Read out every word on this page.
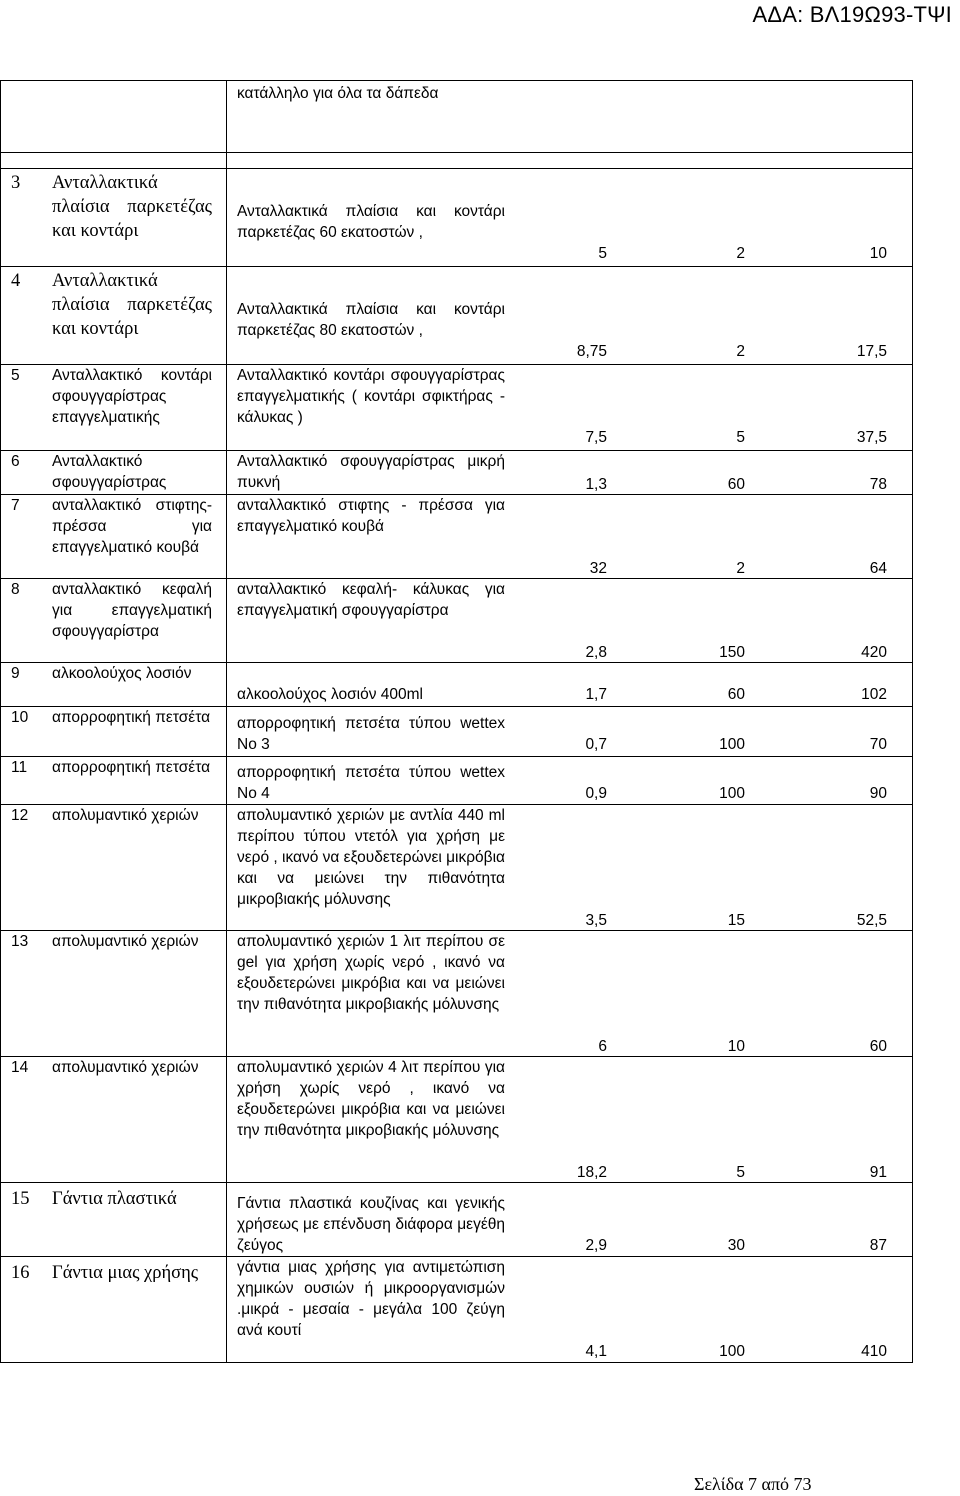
ΑΔΑ: ΒΛ19Ω93-ΤΨΙ

	κατάλληλο για όλα τα δάπεδα

3 Ανταλλακτικά πλαίσια παρκετέζας και κοντάρι	Ανταλλακτικά πλαίσια και κοντάρι παρκετέζας 60 εκατοστών ,
5 2 10

4 Ανταλλακτικά πλαίσια παρκετέζας και κοντάρι	Ανταλλακτικά πλαίσια και κοντάρι παρκετέζας 80 εκατοστών ,
8,75 2 17,5

5 Ανταλλακτικό κοντάρι σφουγγαρίστρας επαγγελματικής	Ανταλλακτικό κοντάρι σφουγγαρίστρας επαγγελματικής ( κοντάρι σφικτήρας - κάλυκας )
7,5 5 37,5

6 Ανταλλακτικό σφουγγαρίστρας	Ανταλλακτικό σφουγγαρίστρας μικρή πυκνή 1,3 60 78

7 ανταλλακτικό στιφτης- πρέσσα για επαγγελματικό κουβά	ανταλλακτικό στιφτης - πρέσσα για επαγγελματικό κουβά
32 2 64

8 ανταλλακτικό κεφαλή για επαγγελματική σφουγγαρίστρα	ανταλλακτικό κεφαλή- κάλυκας για επαγγελματική σφουγγαρίστρα
2,8 150 420

9 αλκοολούχος λοσιόν	αλκοολούχος λοσιόν 400ml 1,7 60 102

10 απορροφητική πετσέτα	απορροφητική πετσέτα τύπου wettex No 3 0,7 100 70

11 απορροφητική πετσέτα	απορροφητική πετσέτα τύπου wettex No 4 0,9 100 90

12 απολυμαντικό χεριών	απολυμαντικό χεριών με αντλία 440 ml περίπου τύπου ντετόλ για χρήση με νερό , ικανό να εξουδετερώνει μικρόβια και να μειώνει την πιθανότητα μικροβιακής μόλυνσης
3,5 15 52,5

13 απολυμαντικό χεριών	απολυμαντικό χεριών 1 λιτ περίπου σε gel για χρήση χωρίς νερό , ικανό να εξουδετερώνει μικρόβια και να μειώνει την πιθανότητα μικροβιακής μόλυνσης
6 10 60

14 απολυμαντικό χεριών	απολυμαντικό χεριών 4 λιτ περίπου για χρήση χωρίς νερό , ικανό να εξουδετερώνει μικρόβια και να μειώνει την πιθανότητα μικροβιακής μόλυνσης
18,2 5 91

15 Γάντια πλαστικά	Γάντια πλαστικά κουζίνας και γενικής χρήσεως με επένδυση διάφορα μεγέθη ζεύγος 2,9 30 87

16 Γάντια μιας χρήσης	γάντια μιας χρήσης για αντιμετώπιση χημικών ουσιών ή μικροοργανισμών .μικρά - μεσαία - μεγάλα 100 ζεύγη ανά κουτί
4,1 100 410
Σελίδα 7 από 73
